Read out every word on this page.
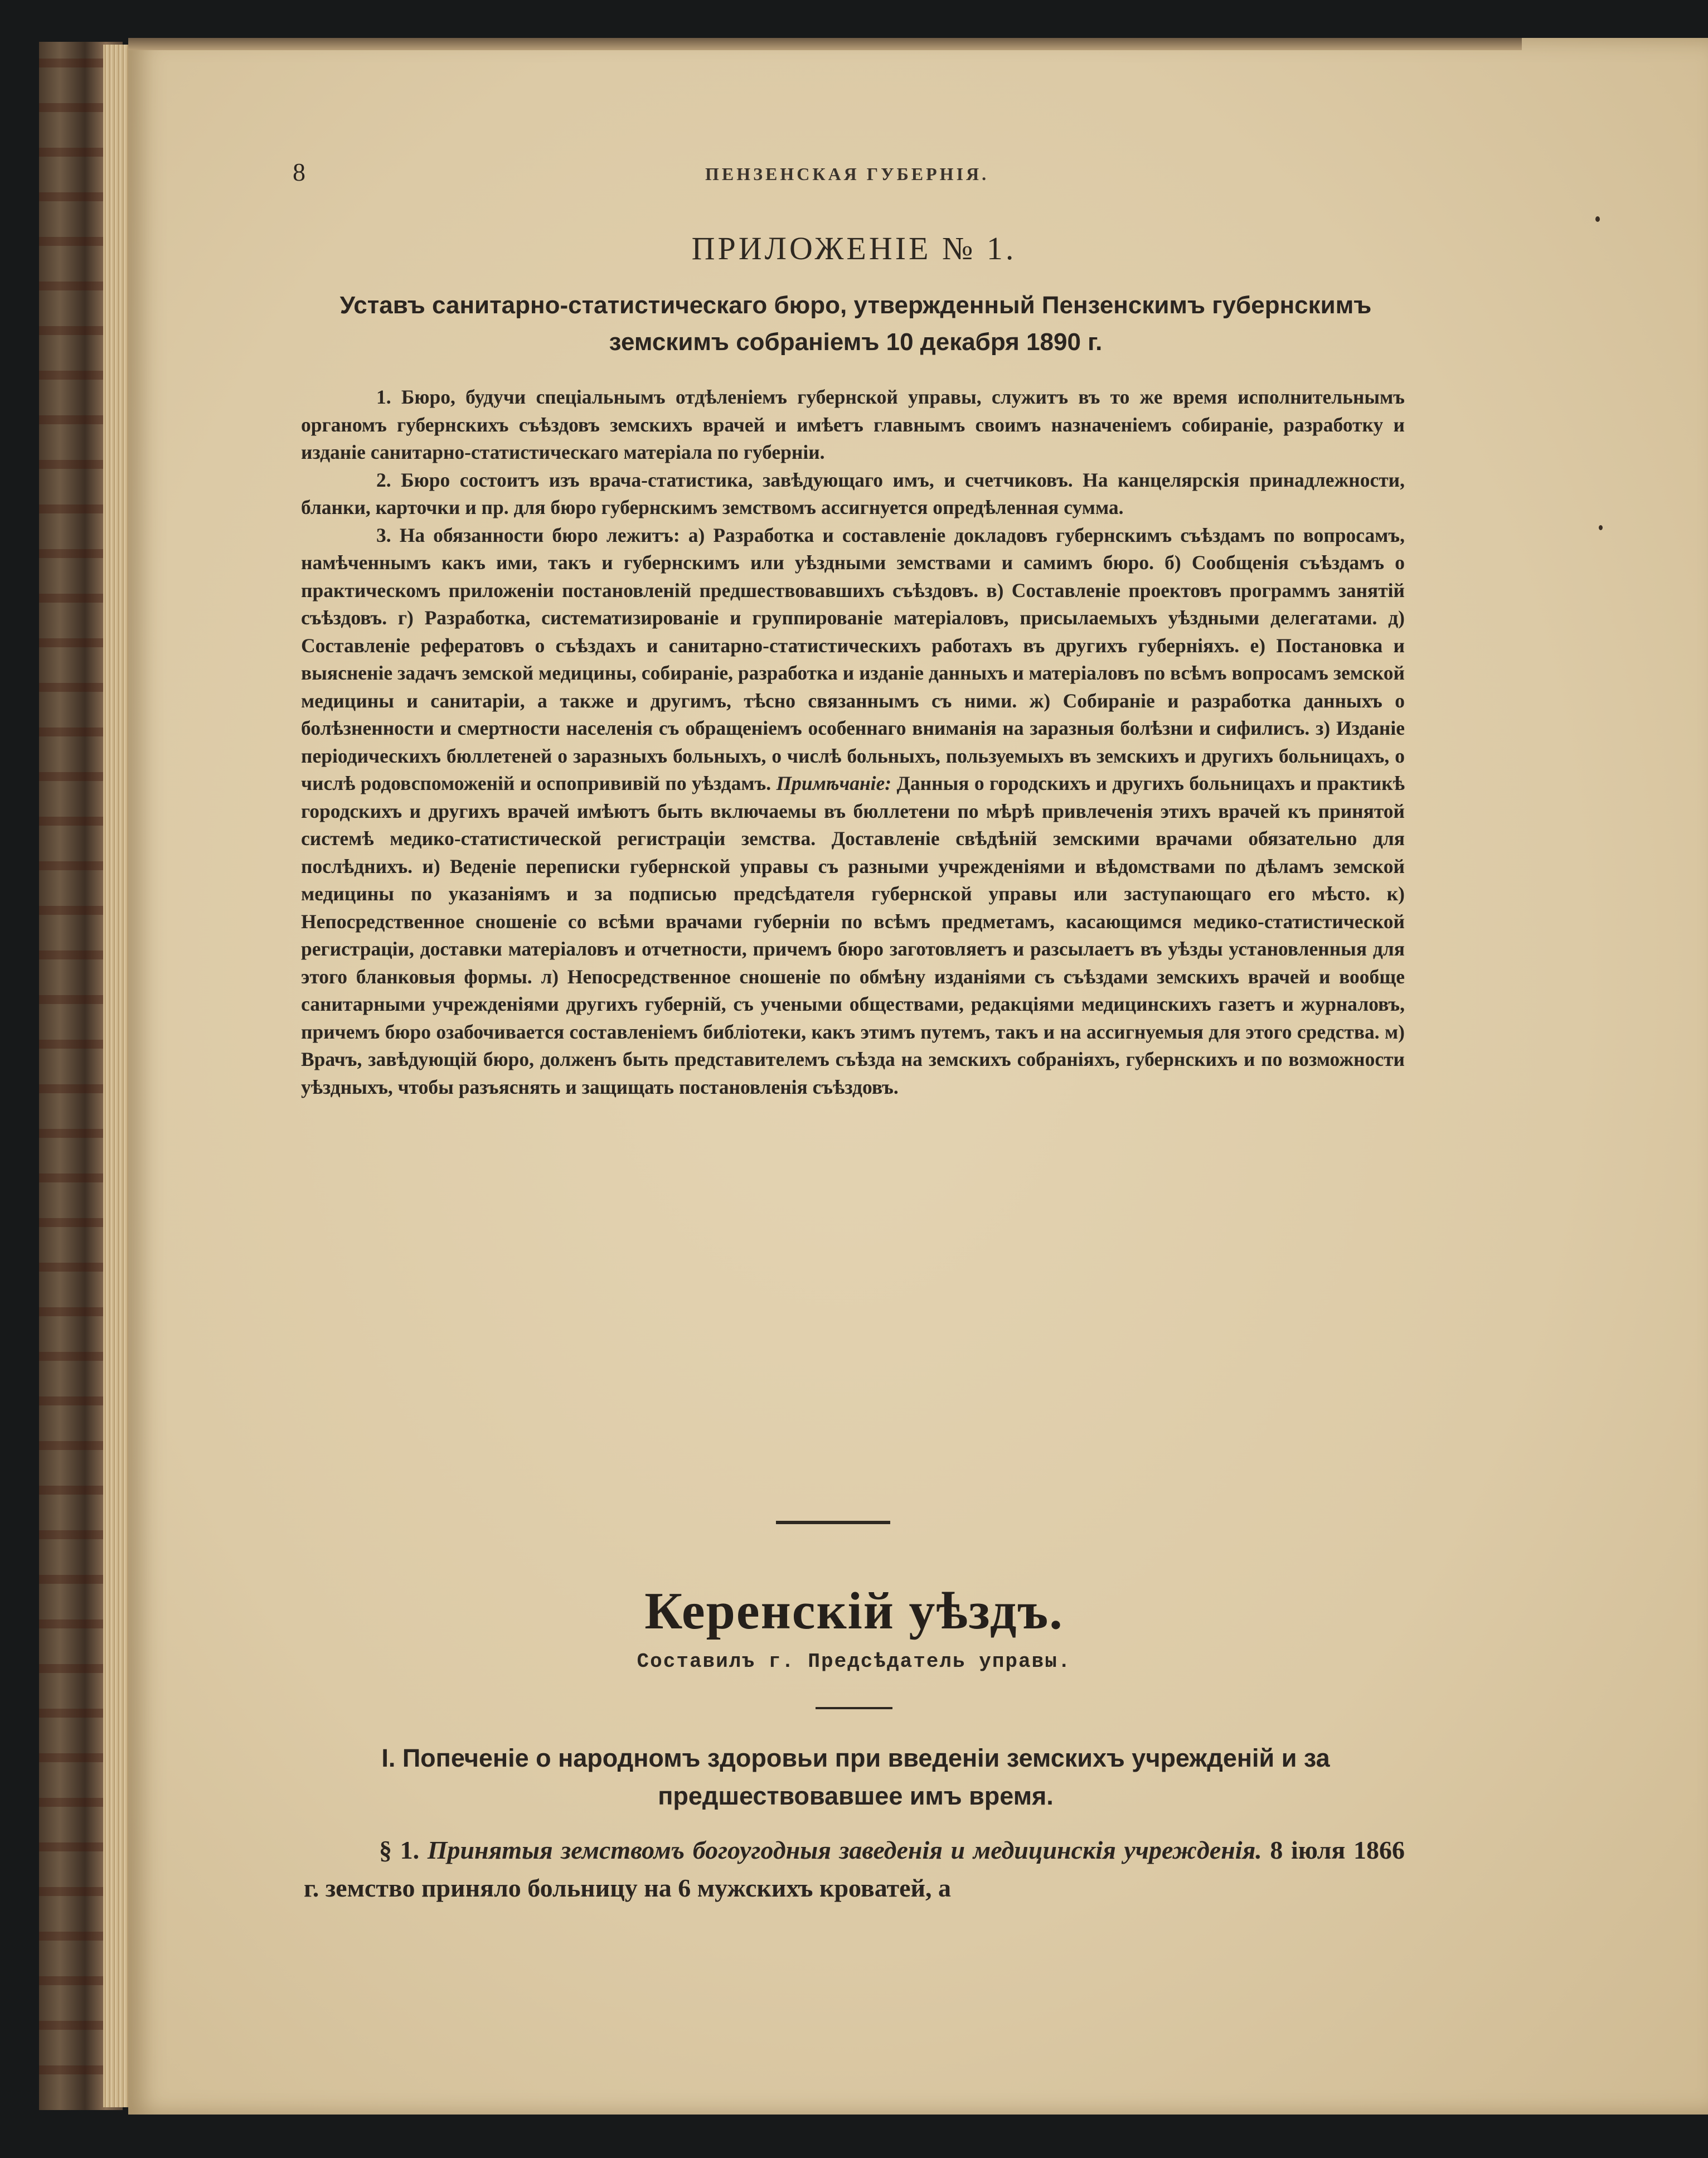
8	ПЕНЗЕНСКАЯ ГУБЕРНІЯ.
ПРИЛОЖЕНІЕ № 1.
Уставъ санитарно-статистическаго бюро, утвержденный Пензенскимъ губернскимъ земскимъ собраніемъ 10 декабря 1890 г.

1. Бюро, будучи спеціальнымъ отдѣленіемъ губернской управы, служитъ въ то же время исполнительнымъ органомъ губернскихъ съѣздовъ земскихъ врачей и имѣетъ главнымъ своимъ назначеніемъ собираніе, разработку и изданіе санитарно-статистическаго матеріала по губерніи.

2. Бюро состоитъ изъ врача-статистика, завѣдующаго имъ, и счетчиковъ. На канцелярскія принадлежности, бланки, карточки и пр. для бюро губернскимъ земствомъ ассигнуется опредѣленная сумма.

3. На обязанности бюро лежитъ: а) Разработка и составленіе докладовъ губернскимъ съѣздамъ по вопросамъ, намѣченнымъ какъ ими, такъ и губернскимъ или уѣздными земствами и самимъ бюро. б) Сообщенія съѣздамъ о практическомъ приложеніи постановленій предшествовавшихъ съѣздовъ. в) Составленіе проектовъ программъ занятій съѣздовъ. г) Разработка, систематизированіе и группированіе матеріаловъ, присылаемыхъ уѣздными делегатами. д) Составленіе рефератовъ о съѣздахъ и санитарно-статистическихъ работахъ въ другихъ губерніяхъ. е) Постановка и выясненіе задачъ земской медицины, собираніе, разработка и изданіе данныхъ и матеріаловъ по всѣмъ вопросамъ земской медицины и санитаріи, а также и другимъ, тѣсно связаннымъ съ ними. ж) Собираніе и разработка данныхъ о болѣзненности и смертности населенія съ обращеніемъ особеннаго вниманія на заразныя болѣзни и сифилисъ. з) Изданіе періодическихъ бюллетеней о заразныхъ больныхъ, о числѣ больныхъ, пользуемыхъ въ земскихъ и другихъ больницахъ, о числѣ родовспоможеній и оспопрививій по уѣздамъ. Примѣчаніе: Данныя о городскихъ и другихъ больницахъ и практикѣ городскихъ и другихъ врачей имѣютъ быть включаемы въ бюллетени по мѣрѣ привлеченія этихъ врачей къ принятой системѣ медико-статистической регистраціи земства. Доставленіе свѣдѣній земскими врачами обязательно для послѣднихъ. и) Веденіе переписки губернской управы съ разными учрежденіями и вѣдомствами по дѣламъ земской медицины по указаніямъ и за подписью предсѣдателя губернской управы или заступающаго его мѣсто. к) Непосредственное сношеніе со всѣми врачами губерніи по всѣмъ предметамъ, касающимся медико-статистической регистраціи, доставки матеріаловъ и отчетности, причемъ бюро заготовляетъ и разсылаетъ въ уѣзды установленныя для этого бланковыя формы. л) Непосредственное сношеніе по обмѣну изданіями съ съѣздами земскихъ врачей и вообще санитарными учрежденіями другихъ губерній, съ учеными обществами, редакціями медицинскихъ газетъ и журналовъ, причемъ бюро озабочивается составленіемъ библіотеки, какъ этимъ путемъ, такъ и на ассигнуемыя для этого средства. м) Врачъ, завѣдующій бюро, долженъ быть представителемъ съѣзда на земскихъ собраніяхъ, губернскихъ и по возможности уѣздныхъ, чтобы разъяснять и защищать постановленія съѣздовъ.

Керенскій уѣздъ.
Составилъ г. Предсѣдатель управы.
I. Попеченіе о народномъ здоровьи при введеніи земскихъ учрежденій и за предшествовавшее имъ время.
§ 1. Принятыя земствомъ богоугодныя заведенія и медицинскія учрежденія. 8 іюля 1866 г. земство приняло больницу на 6 мужскихъ кроватей, а
